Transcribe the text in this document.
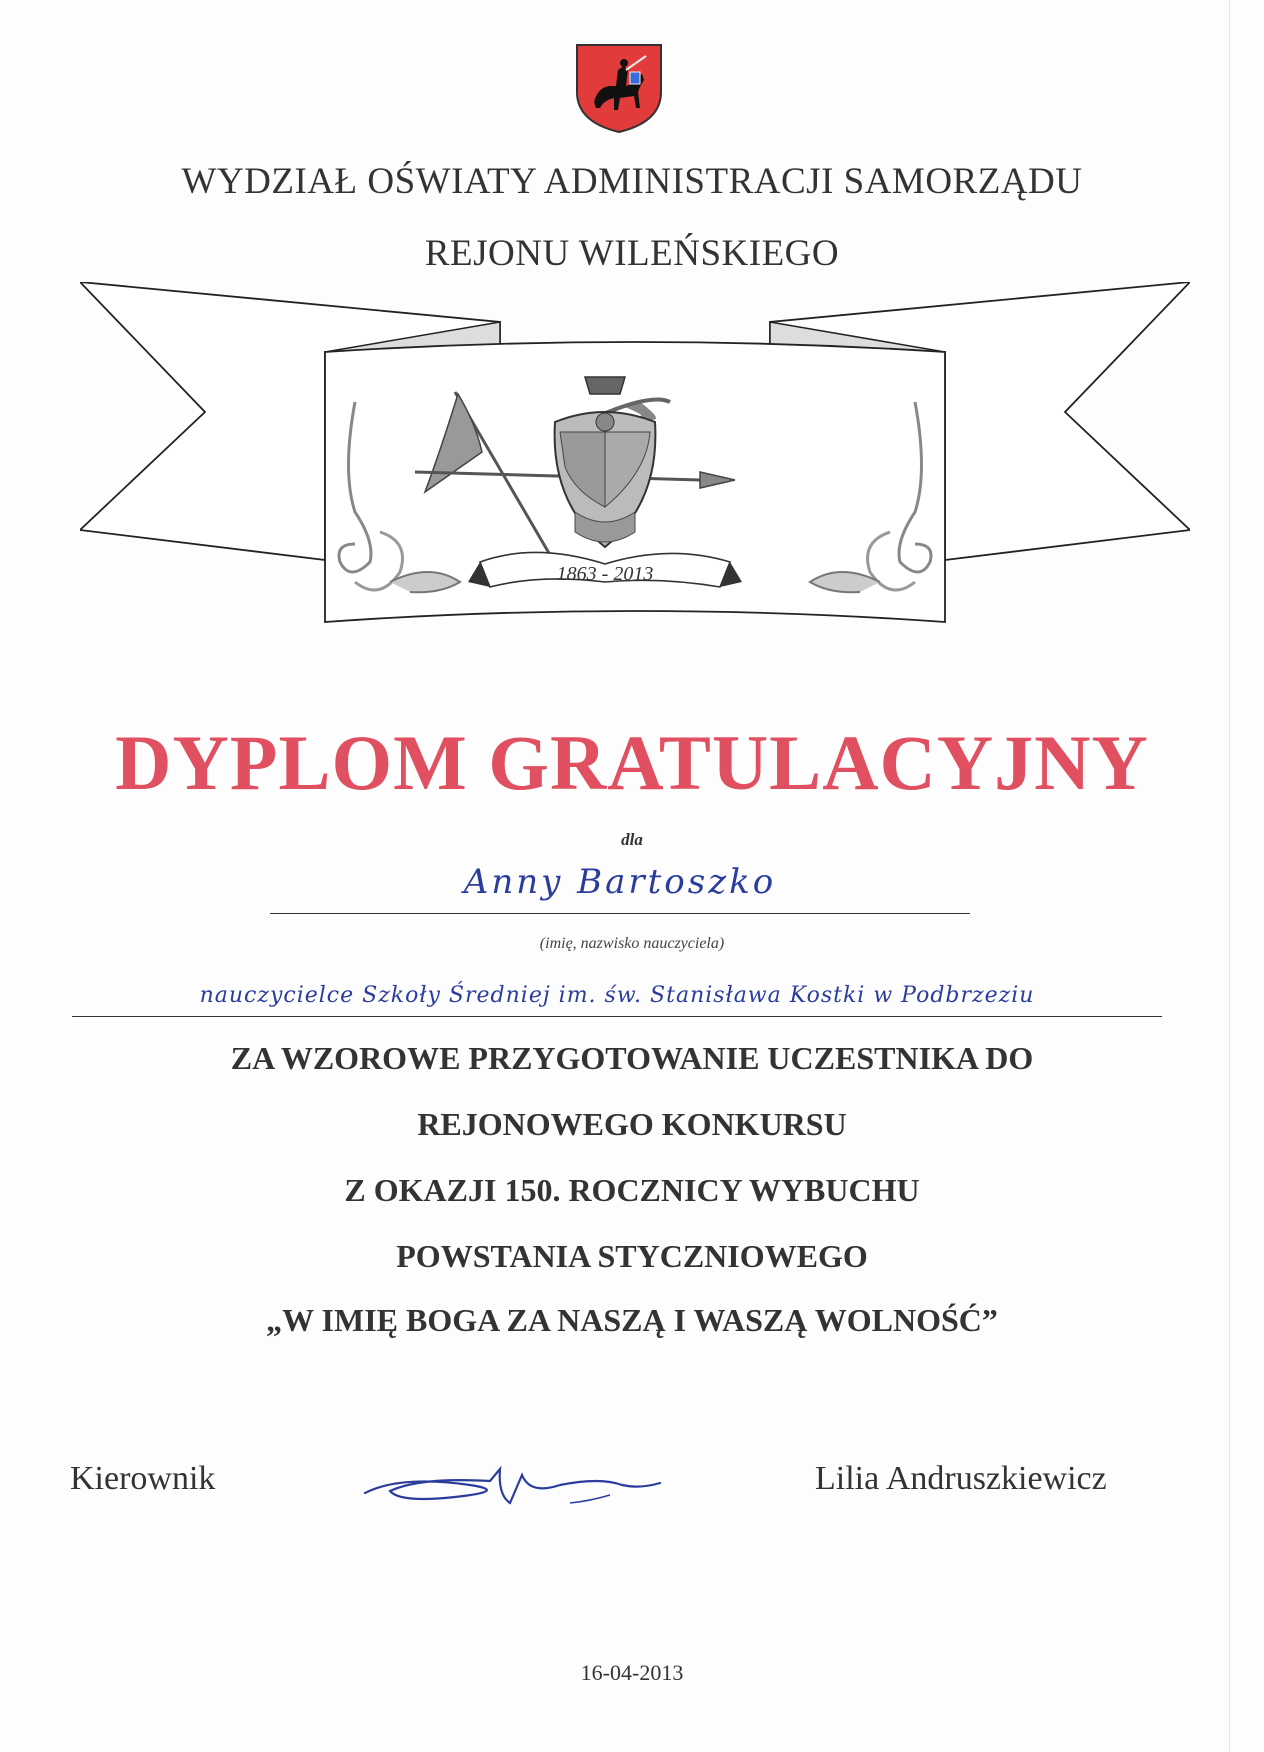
WYDZIAŁ OŚWIATY ADMINISTRACJI SAMORZĄDU
REJONU WILEŃSKIEGO
1863 - 2013
DYPLOM GRATULACYJNY
dla
Anny Bartoszko
(imię, nazwisko nauczyciela)
nauczycielce Szkoły Średniej im. św. Stanisława Kostki w Podbrzeziu
ZA WZOROWE PRZYGOTOWANIE UCZESTNIKA DO
REJONOWEGO KONKURSU
Z OKAZJI 150. ROCZNICY WYBUCHU
POWSTANIA STYCZNIOWEGO
„W IMIĘ BOGA ZA NASZĄ I WASZĄ WOLNOŚĆ”
Kierownik	Lilia Andruszkiewicz
16-04-2013
